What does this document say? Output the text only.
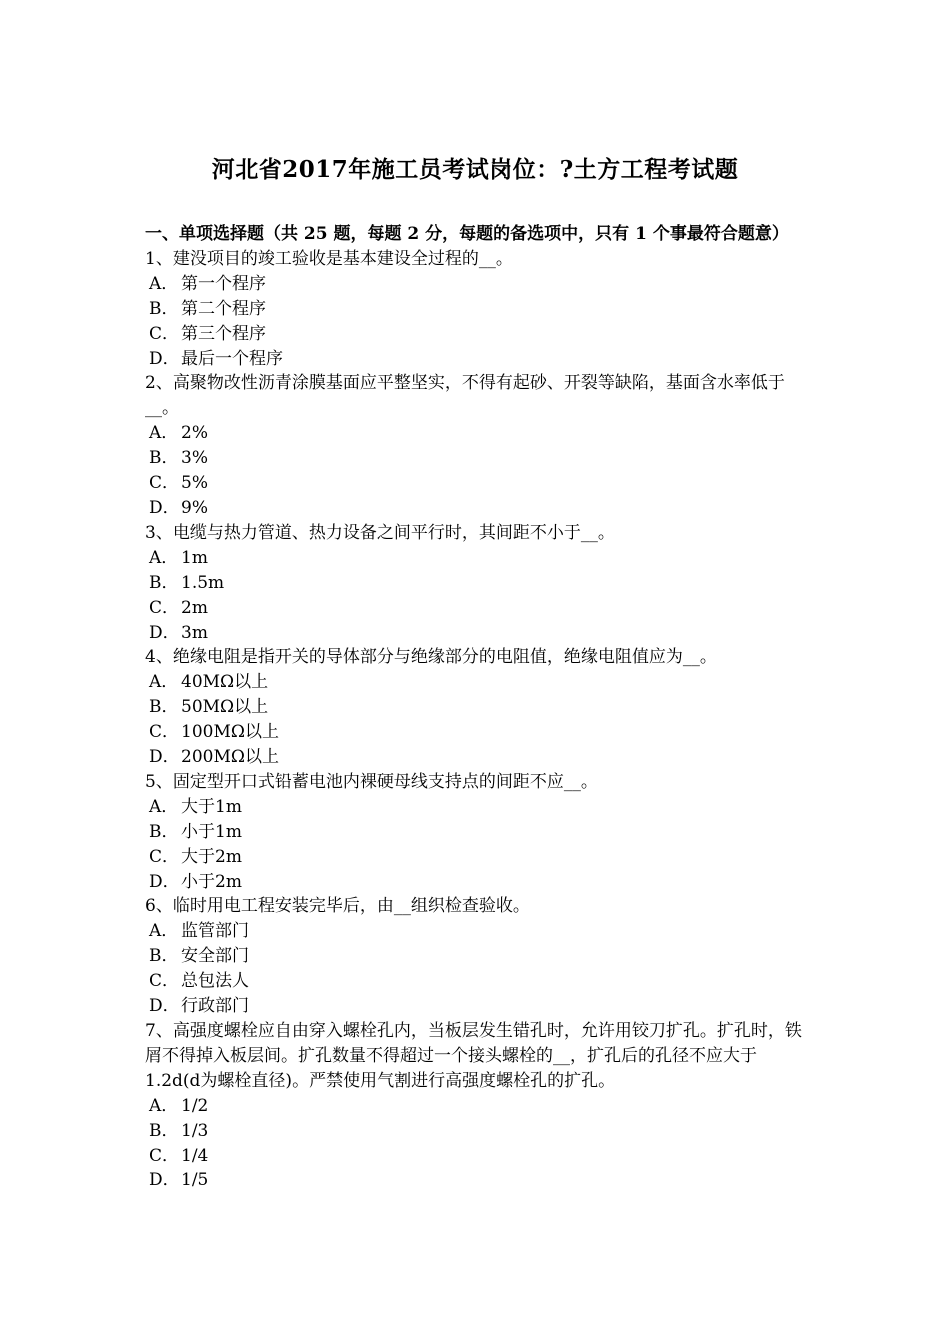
河北省2017年施工员考试岗位：?土方工程考试题

一、单项选择题（共 25 题，每题 2 分，每题的备选项中，只有 1 个事最符合题意）

1、建没项目的竣工验收是基本建设全过程的__。

A． 第一个程序

B． 第二个程序

C． 第三个程序

D．最后一个程序

2、高聚物改性沥青涂膜基面应平整坚实，不得有起砂、开裂等缺陷，基面含水率低于__。

A． 2%

B． 3%

C． 5%

D．9%

3、电缆与热力管道、热力设备之间平行时，其间距不小于__。

A． 1m

B． 1.5m

C． 2m

D．3m

4、绝缘电阻是指开关的导体部分与绝缘部分的电阻值，绝缘电阻值应为__。

A． 40MΩ以上

B． 50MΩ以上

C． 100MΩ以上

D．200MΩ以上

5、固定型开口式铅蓄电池内裸硬母线支持点的间距不应__。

A． 大于1m

B． 小于1m

C． 大于2m

D．小于2m

6、临时用电工程安装完毕后，由__组织检查验收。

A． 监管部门

B． 安全部门

C． 总包法人

D．行政部门

7、高强度螺栓应自由穿入螺栓孔内，当板层发生错孔时，允许用铰刀扩孔。扩孔时，铁屑不得掉入板层间。扩孔数量不得超过一个接头螺栓的__，扩孔后的孔径不应大于1.2d(d为螺栓直径)。严禁使用气割进行高强度螺栓孔的扩孔。

A． 1/2

B． 1/3

C． 1/4

D．1/5
